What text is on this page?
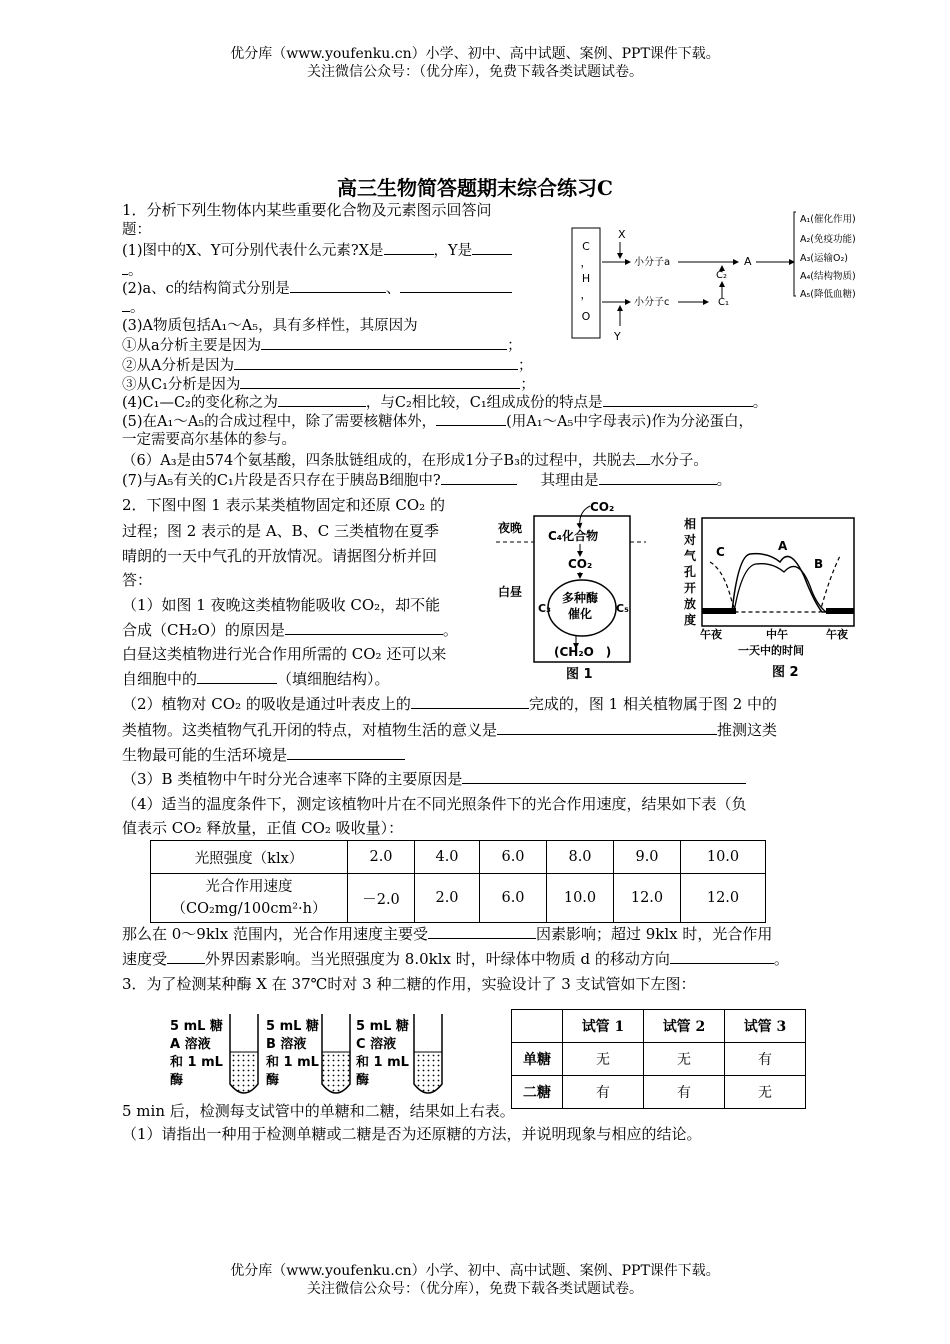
优分库（www.youfenku.cn）小学、初中、高中试题、案例、PPT课件下载。
关注微信公众号：（优分库），免费下载各类试题试卷。
高三生物简答题期末综合练习C
1．分析下列生物体内某些重要化合物及元素图示回答问
题：
(1)图中的X、Y可分别代表什么元素?X是	，Y是
。
(2)a、c的结构简式分别是	、
。
(3)A物质包括A₁～A₅，具有多样性，其原因为
①从a分析主要是因为	；
②从A分析是因为	；
③从C₁分析是因为	；
(4)C₁—C₂的变化称之为	，与C₂相比较，C₁组成成份的特点是	。
(5)在A₁～A₅的合成过程中，除了需要核糖体外，	(用A₁～A₅中字母表示)作为分泌蛋白，
一定需要高尔基体的参与。
（6）A₃是由574个氨基酸，四条肽链组成的，在形成1分子B₃的过程中，共脱去 水分子。
(7)与A₅有关的C₁片段是否只存在于胰岛B细胞中?	其理由是	。
C
，
H
，
O
X
小分子a	A
小分子c
C₂
C₁
Y
A₁(催化作用)
A₂(免疫功能)
A₃(运输O₂)
A₄(结构物质)
A₅(降低血糖)
2．下图中图 1 表示某类植物固定和还原 CO₂ 的
过程；图 2 表示的是 A、B、C 三类植物在夏季
晴朗的一天中气孔的开放情况。请据图分析并回
答：
（1）如图 1 夜晚这类植物能吸收 CO₂，却不能
合成（CH₂O）的原因是	。
白昼这类植物进行光合作用所需的 CO₂ 还可以来
自细胞中的	（填细胞结构）。
（2）植物对 CO₂ 的吸收是通过叶表皮上的	完成的，图 1 相关植物属于图 2 中的
类植物。这类植物气孔开闭的特点，对植物生活的意义是	推测这类
生物最可能的生活环境是
（3）B 类植物中午时分光合速率下降的主要原因是
（4）适当的温度条件下，测定该植物叶片在不同光照条件下的光合作用速度，结果如下表（负
值表示 CO₂ 释放量，正值 CO₂ 吸收量）：
夜晚
白昼
CO₂
C₄化合物
CO₂
多种酶
催化
C₃	C₅
(CH₂O　)
图 1
相
对
气
孔
开
放
度
A
B
C
午夜	中午	午夜
一天中的时间
图 2
光照强度（klx）	2.0	4.0	6.0	8.0	9.0	10.0

光合作用速度
（CO₂mg/100cm²·h）	－2.0	2.0	6.0	10.0	12.0	12.0
那么在 0～9klx 范围内，光合作用速度主要受	因素影响；超过 9klx 时，光合作用
速度受	外界因素影响。当光照强度为 8.0klx 时，叶绿体中物质 d 的移动方向	。
3．为了检测某种酶 X 在 37℃时对 3 种二糖的作用，实验设计了 3 支试管如下左图：
5 mL 糖
A 溶液
和 1 mL
酶
5 mL 糖
B 溶液
和 1 mL
酶
5 mL 糖
C 溶液
和 1 mL
酶
	试管 1	试管 2	试管 3
单糖	无	无	有
二糖	有	有	无
5 min 后，检测每支试管中的单糖和二糖，结果如上右表。
（1）请指出一种用于检测单糖或二糖是否为还原糖的方法，并说明现象与相应的结论。
优分库（www.youfenku.cn）小学、初中、高中试题、案例、PPT课件下载。
关注微信公众号：（优分库），免费下载各类试题试卷。
